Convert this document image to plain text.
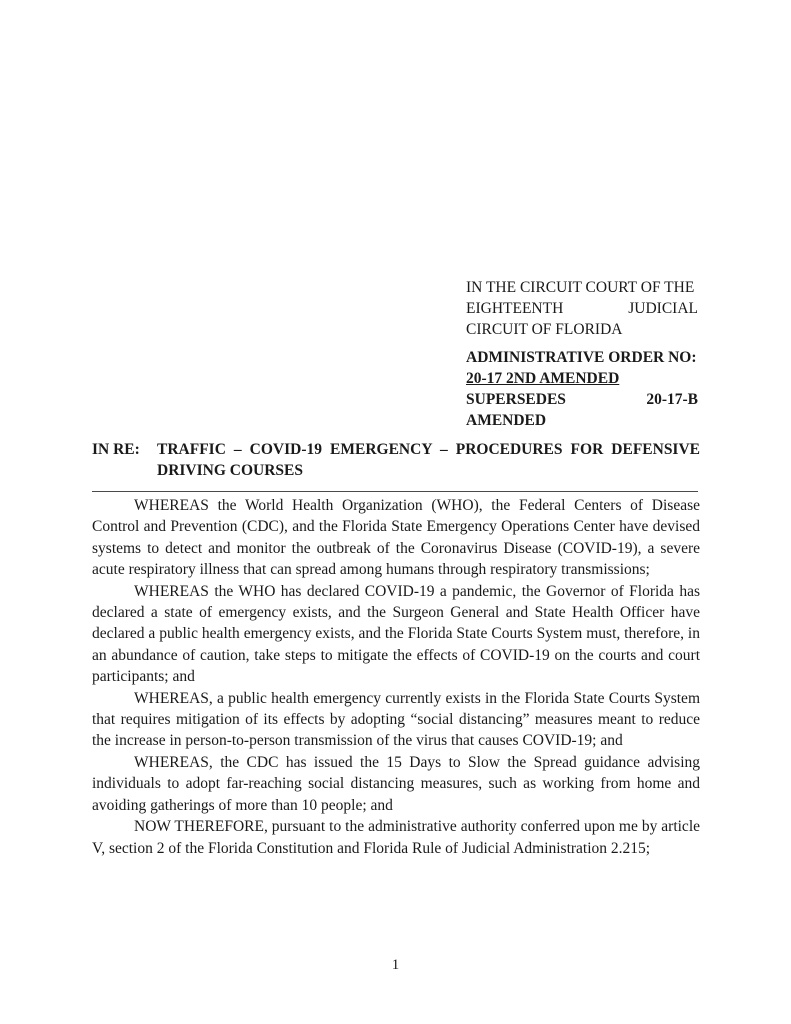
IN THE CIRCUIT COURT OF THE
EIGHTEENTH	JUDICIAL
CIRCUIT OF FLORIDA
ADMINISTRATIVE ORDER NO:
20-17 2ND AMENDED
SUPERSEDES	20-17-B
AMENDED
IN RE: TRAFFIC – COVID-19 EMERGENCY – PROCEDURES FOR DEFENSIVE DRIVING COURSES

WHEREAS the World Health Organization (WHO), the Federal Centers of Disease Control and Prevention (CDC), and the Florida State Emergency Operations Center have devised systems to detect and monitor the outbreak of the Coronavirus Disease (COVID-19), a severe acute respiratory illness that can spread among humans through respiratory transmissions;

WHEREAS the WHO has declared COVID-19 a pandemic, the Governor of Florida has declared a state of emergency exists, and the Surgeon General and State Health Officer have declared a public health emergency exists, and the Florida State Courts System must, therefore, in an abundance of caution, take steps to mitigate the effects of COVID-19 on the courts and court participants; and

WHEREAS, a public health emergency currently exists in the Florida State Courts System that requires mitigation of its effects by adopting “social distancing” measures meant to reduce the increase in person-to-person transmission of the virus that causes COVID-19; and

WHEREAS, the CDC has issued the 15 Days to Slow the Spread guidance advising individuals to adopt far-reaching social distancing measures, such as working from home and avoiding gatherings of more than 10 people; and

NOW THEREFORE, pursuant to the administrative authority conferred upon me by article V, section 2 of the Florida Constitution and Florida Rule of Judicial Administration 2.215;

1
